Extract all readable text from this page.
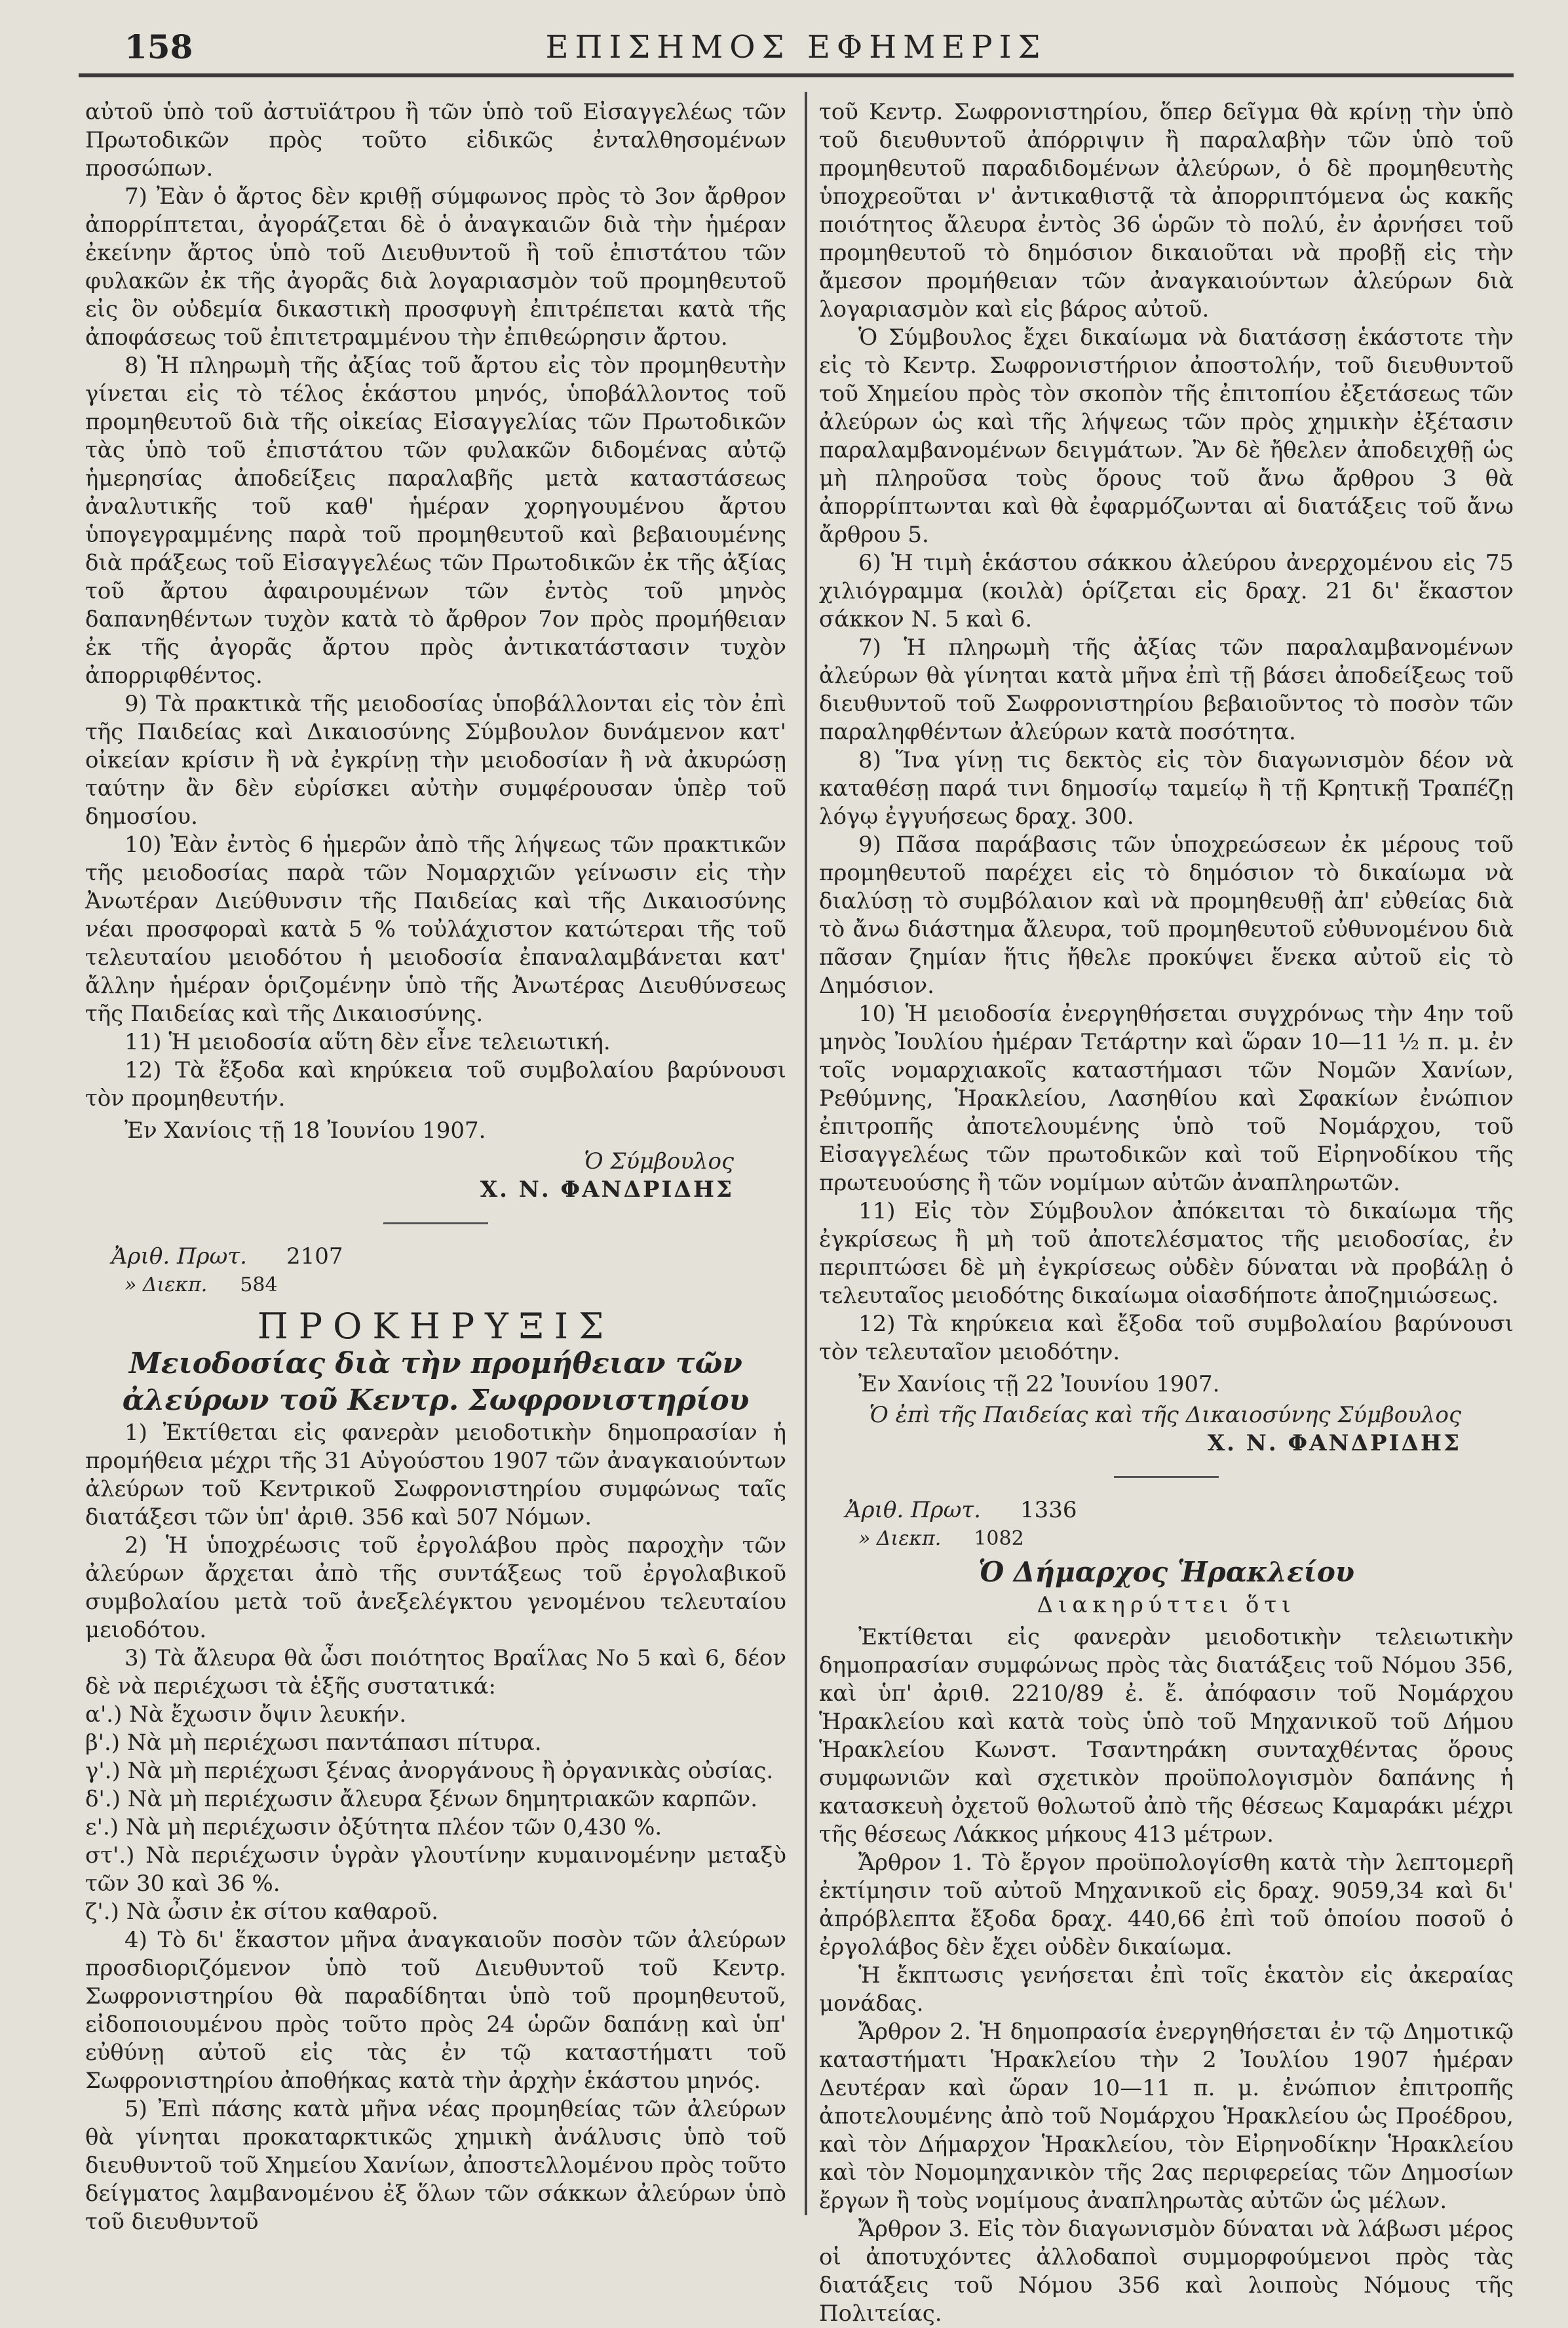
158	ΕΠΙΣΗΜΟΣ ΕΦΗΜΕΡΙΣ

αὐτοῦ ὑπὸ τοῦ ἀστυϊάτρου ἢ τῶν ὑπὸ τοῦ Εἰσαγγελέως τῶν Πρωτοδικῶν πρὸς τοῦτο εἰδικῶς ἐνταλθησομένων προσώπων.

7) Ἐὰν ὁ ἄρτος δὲν κριθῇ σύμφωνος πρὸς τὸ 3ον ἄρθρον ἀπορρίπτεται, ἀγοράζεται δὲ ὁ ἀναγκαιῶν διὰ τὴν ἡμέραν ἐκείνην ἄρτος ὑπὸ τοῦ Διευθυντοῦ ἢ τοῦ ἐπιστάτου τῶν φυλακῶν ἐκ τῆς ἀγορᾶς διὰ λογαριασμὸν τοῦ προμηθευτοῦ εἰς ὃν οὐδεμία δικαστικὴ προσφυγὴ ἐπιτρέπεται κατὰ τῆς ἀποφάσεως τοῦ ἐπιτετραμμένου τὴν ἐπιθεώρησιν ἄρτου.

8) Ἡ πληρωμὴ τῆς ἀξίας τοῦ ἄρτου εἰς τὸν προμηθευτὴν γίνεται εἰς τὸ τέλος ἑκάστου μηνός, ὑποβάλλοντος τοῦ προμηθευτοῦ διὰ τῆς οἰκείας Εἰσαγγελίας τῶν Πρωτοδικῶν τὰς ὑπὸ τοῦ ἐπιστάτου τῶν φυλακῶν διδομένας αὐτῷ ἡμερησίας ἀποδείξεις παραλαβῆς μετὰ καταστάσεως ἀναλυτικῆς τοῦ καθ' ἡμέραν χορηγουμένου ἄρτου ὑπογεγραμμένης παρὰ τοῦ προμηθευτοῦ καὶ βεβαιουμένης διὰ πράξεως τοῦ Εἰσαγγελέως τῶν Πρωτοδικῶν ἐκ τῆς ἀξίας τοῦ ἄρτου ἀφαιρουμένων τῶν ἐντὸς τοῦ μηνὸς δαπανηθέντων τυχὸν κατὰ τὸ ἄρθρον 7ον πρὸς προμήθειαν ἐκ τῆς ἀγορᾶς ἄρτου πρὸς ἀντικατάστασιν τυχὸν ἀπορριφθέντος.

9) Τὰ πρακτικὰ τῆς μειοδοσίας ὑποβάλλονται εἰς τὸν ἐπὶ τῆς Παιδείας καὶ Δικαιοσύνης Σύμβουλον δυνάμενον κατ' οἰκείαν κρίσιν ἢ νὰ ἐγκρίνῃ τὴν μειοδοσίαν ἢ νὰ ἀκυρώσῃ ταύτην ἂν δὲν εὑρίσκει αὐτὴν συμφέρουσαν ὑπὲρ τοῦ δημοσίου.

10) Ἐὰν ἐντὸς 6 ἡμερῶν ἀπὸ τῆς λήψεως τῶν πρακτικῶν τῆς μειοδοσίας παρὰ τῶν Νομαρχιῶν γείνωσιν εἰς τὴν Ἀνωτέραν Διεύθυνσιν τῆς Παιδείας καὶ τῆς Δικαιοσύνης νέαι προσφοραὶ κατὰ 5 % τοὐλάχιστον κατώτεραι τῆς τοῦ τελευταίου μειοδότου ἡ μειοδοσία ἐπαναλαμβάνεται κατ' ἄλλην ἡμέραν ὁριζομένην ὑπὸ τῆς Ἀνωτέρας Διευθύνσεως τῆς Παιδείας καὶ τῆς Δικαιοσύνης.

11) Ἡ μειοδοσία αὕτη δὲν εἶνε τελειωτική.

12) Τὰ ἔξοδα καὶ κηρύκεια τοῦ συμβολαίου βαρύνουσι τὸν προμηθευτήν.

Ἐν Χανίοις τῇ 18 Ἰουνίου 1907.

Ὁ Σύμβουλος
Χ. Ν. ΦΑΝΔΡΙΔΗΣ
Ἀριθ. Πρωτ. 2107
» Διεκπ. 584
ΠΡΟΚΗΡΥΞΙΣ
Μειοδοσίας διὰ τὴν προμήθειαν τῶν ἀλεύρων τοῦ Κεντρ. Σωφρονιστηρίου

1) Ἐκτίθεται εἰς φανερὰν μειοδοτικὴν δημοπρασίαν ἡ προμήθεια μέχρι τῆς 31 Αὐγούστου 1907 τῶν ἀναγκαιούντων ἀλεύρων τοῦ Κεντρικοῦ Σωφρονιστηρίου συμφώνως ταῖς διατάξεσι τῶν ὑπ' ἀριθ. 356 καὶ 507 Νόμων.

2) Ἡ ὑποχρέωσις τοῦ ἐργολάβου πρὸς παροχὴν τῶν ἀλεύρων ἄρχεται ἀπὸ τῆς συντάξεως τοῦ ἐργολαβικοῦ συμβολαίου μετὰ τοῦ ἀνεξελέγκτου γενομένου τελευταίου μειοδότου.

3) Τὰ ἄλευρα θὰ ὦσι ποιότητος Βραΐλας Νο 5 καὶ 6, δέον δὲ νὰ περιέχωσι τὰ ἑξῆς συστατικά:

α'.) Νὰ ἔχωσιν ὄψιν λευκήν.

β'.) Νὰ μὴ περιέχωσι παντάπασι πίτυρα.

γ'.) Νὰ μὴ περιέχωσι ξένας ἀνοργάνους ἢ ὀργανικὰς οὐσίας.

δ'.) Νὰ μὴ περιέχωσιν ἄλευρα ξένων δημητριακῶν καρπῶν.

ε'.) Νὰ μὴ περιέχωσιν ὀξύτητα πλέον τῶν 0,430 %.

στ'.) Νὰ περιέχωσιν ὑγρὰν γλουτίνην κυμαινομένην μεταξὺ τῶν 30 καὶ 36 %.

ζ'.) Νὰ ὦσιν ἐκ σίτου καθαροῦ.

4) Τὸ δι' ἕκαστον μῆνα ἀναγκαιοῦν ποσὸν τῶν ἀλεύρων προσδιοριζόμενον ὑπὸ τοῦ Διευθυντοῦ τοῦ Κεντρ. Σωφρονιστηρίου θὰ παραδίδηται ὑπὸ τοῦ προμηθευτοῦ, εἰδοποιουμένου πρὸς τοῦτο πρὸς 24 ὡρῶν δαπάνῃ καὶ ὑπ' εὐθύνῃ αὐτοῦ εἰς τὰς ἐν τῷ καταστήματι τοῦ Σωφρονιστηρίου ἀποθήκας κατὰ τὴν ἀρχὴν ἑκάστου μηνός.

5) Ἐπὶ πάσης κατὰ μῆνα νέας προμηθείας τῶν ἀλεύρων θὰ γίνηται προκαταρκτικῶς χημικὴ ἀνάλυσις ὑπὸ τοῦ διευθυντοῦ τοῦ Χημείου Χανίων, ἀποστελλομένου πρὸς τοῦτο δείγματος λαμβανομένου ἐξ ὅλων τῶν σάκκων ἀλεύρων ὑπὸ τοῦ διευθυντοῦ

τοῦ Κεντρ. Σωφρονιστηρίου, ὅπερ δεῖγμα θὰ κρίνῃ τὴν ὑπὸ τοῦ διευθυντοῦ ἀπόρριψιν ἢ παραλαβὴν τῶν ὑπὸ τοῦ προμηθευτοῦ παραδιδομένων ἀλεύρων, ὁ δὲ προμηθευτὴς ὑποχρεοῦται ν' ἀντικαθιστᾷ τὰ ἀπορριπτόμενα ὡς κακῆς ποιότητος ἄλευρα ἐντὸς 36 ὡρῶν τὸ πολύ, ἐν ἀρνήσει τοῦ προμηθευτοῦ τὸ δημόσιον δικαιοῦται νὰ προβῇ εἰς τὴν ἄμεσον προμήθειαν τῶν ἀναγκαιούντων ἀλεύρων διὰ λογαριασμὸν καὶ εἰς βάρος αὐτοῦ.

Ὁ Σύμβουλος ἔχει δικαίωμα νὰ διατάσσῃ ἑκάστοτε τὴν εἰς τὸ Κεντρ. Σωφρονιστήριον ἀποστολήν, τοῦ διευθυντοῦ τοῦ Χημείου πρὸς τὸν σκοπὸν τῆς ἐπιτοπίου ἐξετάσεως τῶν ἀλεύρων ὡς καὶ τῆς λήψεως τῶν πρὸς χημικὴν ἐξέτασιν παραλαμβανομένων δειγμάτων. Ἂν δὲ ἤθελεν ἀποδειχθῇ ὡς μὴ πληροῦσα τοὺς ὅρους τοῦ ἄνω ἄρθρου 3 θὰ ἀπορρίπτωνται καὶ θὰ ἐφαρμόζωνται αἱ διατάξεις τοῦ ἄνω ἄρθρου 5.

6) Ἡ τιμὴ ἑκάστου σάκκου ἀλεύρου ἀνερχομένου εἰς 75 χιλιόγραμμα (κοιλὰ) ὁρίζεται εἰς δραχ. 21 δι' ἕκαστον σάκκον Ν. 5 καὶ 6.

7) Ἡ πληρωμὴ τῆς ἀξίας τῶν παραλαμβανομένων ἀλεύρων θὰ γίνηται κατὰ μῆνα ἐπὶ τῇ βάσει ἀποδείξεως τοῦ διευθυντοῦ τοῦ Σωφρονιστηρίου βεβαιοῦντος τὸ ποσὸν τῶν παραληφθέντων ἀλεύρων κατὰ ποσότητα.

8) Ἵνα γίνῃ τις δεκτὸς εἰς τὸν διαγωνισμὸν δέον νὰ καταθέσῃ παρά τινι δημοσίῳ ταμείῳ ἢ τῇ Κρητικῇ Τραπέζῃ λόγῳ ἐγγυήσεως δραχ. 300.

9) Πᾶσα παράβασις τῶν ὑποχρεώσεων ἐκ μέρους τοῦ προμηθευτοῦ παρέχει εἰς τὸ δημόσιον τὸ δικαίωμα νὰ διαλύσῃ τὸ συμβόλαιον καὶ νὰ προμηθευθῇ ἀπ' εὐθείας διὰ τὸ ἄνω διάστημα ἄλευρα, τοῦ προμηθευτοῦ εὐθυνομένου διὰ πᾶσαν ζημίαν ἥτις ἤθελε προκύψει ἕνεκα αὐτοῦ εἰς τὸ Δημόσιον.

10) Ἡ μειοδοσία ἐνεργηθήσεται συγχρόνως τὴν 4ην τοῦ μηνὸς Ἰουλίου ἡμέραν Τετάρτην καὶ ὥραν 10—11 ½ π. μ. ἐν τοῖς νομαρχιακοῖς καταστήμασι τῶν Νομῶν Χανίων, Ρεθύμνης, Ἡρακλείου, Λασηθίου καὶ Σφακίων ἐνώπιον ἐπιτροπῆς ἀποτελουμένης ὑπὸ τοῦ Νομάρχου, τοῦ Εἰσαγγελέως τῶν πρωτοδικῶν καὶ τοῦ Εἰρηνοδίκου τῆς πρωτευούσης ἢ τῶν νομίμων αὐτῶν ἀναπληρωτῶν.

11) Εἰς τὸν Σύμβουλον ἀπόκειται τὸ δικαίωμα τῆς ἐγκρίσεως ἢ μὴ τοῦ ἀποτελέσματος τῆς μειοδοσίας, ἐν περιπτώσει δὲ μὴ ἐγκρίσεως οὐδὲν δύναται νὰ προβάλῃ ὁ τελευταῖος μειοδότης δικαίωμα οἱασδήποτε ἀποζημιώσεως.

12) Τὰ κηρύκεια καὶ ἔξοδα τοῦ συμβολαίου βαρύνουσι τὸν τελευταῖον μειοδότην.

Ἐν Χανίοις τῇ 22 Ἰουνίου 1907.

Ὁ ἐπὶ τῆς Παιδείας καὶ τῆς Δικαιοσύνης Σύμβουλος
Χ. Ν. ΦΑΝΔΡΙΔΗΣ
Ἀριθ. Πρωτ. 1336
» Διεκπ. 1082
Ὁ Δήμαρχος Ἡρακλείου
Διακηρύττει ὅτι

Ἐκτίθεται εἰς φανερὰν μειοδοτικὴν τελειωτικὴν δημοπρασίαν συμφώνως πρὸς τὰς διατάξεις τοῦ Νόμου 356, καὶ ὑπ' ἀριθ. 2210/89 ἐ. ἔ. ἀπόφασιν τοῦ Νομάρχου Ἡρακλείου καὶ κατὰ τοὺς ὑπὸ τοῦ Μηχανικοῦ τοῦ Δήμου Ἡρακλείου Κωνστ. Τσαντηράκη συνταχθέντας ὅρους συμφωνιῶν καὶ σχετικὸν προϋπολογισμὸν δαπάνης ἡ κατασκευὴ ὀχετοῦ θολωτοῦ ἀπὸ τῆς θέσεως Καμαράκι μέχρι τῆς θέσεως Λάκκος μήκους 413 μέτρων.

Ἄρθρον 1. Τὸ ἔργον προϋπολογίσθη κατὰ τὴν λεπτομερῆ ἐκτίμησιν τοῦ αὐτοῦ Μηχανικοῦ εἰς δραχ. 9059,34 καὶ δι' ἀπρόβλεπτα ἔξοδα δραχ. 440,66 ἐπὶ τοῦ ὁποίου ποσοῦ ὁ ἐργολάβος δὲν ἔχει οὐδὲν δικαίωμα.

Ἡ ἔκπτωσις γενήσεται ἐπὶ τοῖς ἑκατὸν εἰς ἀκεραίας μονάδας.

Ἄρθρον 2. Ἡ δημοπρασία ἐνεργηθήσεται ἐν τῷ Δημοτικῷ καταστήματι Ἡρακλείου τὴν 2 Ἰουλίου 1907 ἡμέραν Δευτέραν καὶ ὥραν 10—11 π. μ. ἐνώπιον ἐπιτροπῆς ἀποτελουμένης ἀπὸ τοῦ Νομάρχου Ἡρακλείου ὡς Προέδρου, καὶ τὸν Δήμαρχον Ἡρακλείου, τὸν Εἰρηνοδίκην Ἡρακλείου καὶ τὸν Νομομηχανικὸν τῆς 2ας περιφερείας τῶν Δημοσίων ἔργων ἢ τοὺς νομίμους ἀναπληρωτὰς αὐτῶν ὡς μέλων.

Ἄρθρον 3. Εἰς τὸν διαγωνισμὸν δύναται νὰ λάβωσι μέρος οἱ ἀποτυχόντες ἀλλοδαποὶ συμμορφούμενοι πρὸς τὰς διατάξεις τοῦ Νόμου 356 καὶ λοιποὺς Νόμους τῆς Πολιτείας.
